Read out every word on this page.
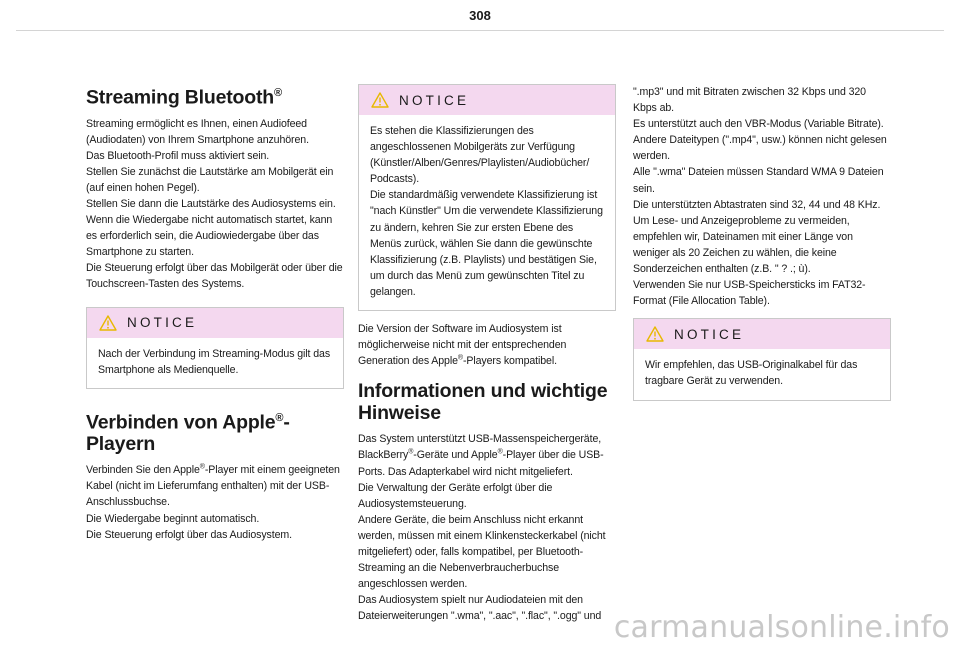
308
Streaming Bluetooth®
Streaming ermöglicht es Ihnen, einen Audiofeed (Audiodaten) von Ihrem Smartphone anzuhören.
Das Bluetooth-Profil muss aktiviert sein.
Stellen Sie zunächst die Lautstärke am Mobilgerät ein (auf einen hohen Pegel).
Stellen Sie dann die Lautstärke des Audiosystems ein.
Wenn die Wiedergabe nicht automatisch startet, kann es erforderlich sein, die Audiowiedergabe über das Smartphone zu starten.
Die Steuerung erfolgt über das Mobilgerät oder über die Touchscreen-Tasten des Systems.
NOTICE
Nach der Verbindung im Streaming-Modus gilt das Smartphone als Medienquelle.
Verbinden von Apple®-Playern
Verbinden Sie den Apple®-Player mit einem geeigneten Kabel (nicht im Lieferumfang enthalten) mit der USB-Anschlussbuchse.
Die Wiedergabe beginnt automatisch.
Die Steuerung erfolgt über das Audiosystem.
NOTICE
Es stehen die Klassifizierungen des angeschlossenen Mobilgeräts zur Verfügung (Künstler/Alben/Genres/Playlisten/Audiobücher/ Podcasts).
Die standardmäßig verwendete Klassifizierung ist "nach Künstler" Um die verwendete Klassifizierung zu ändern, kehren Sie zur ersten Ebene des Menüs zurück, wählen Sie dann die gewünschte Klassifizierung (z.B. Playlists) und bestätigen Sie, um durch das Menü zum gewünschten Titel zu gelangen.
Die Version der Software im Audiosystem ist möglicherweise nicht mit der entsprechenden Generation des Apple®-Players kompatibel.
Informationen und wichtige Hinweise
Das System unterstützt USB-Massenspeichergeräte, BlackBerry®-Geräte und Apple®-Player über die USB-Ports. Das Adapterkabel wird nicht mitgeliefert.
Die Verwaltung der Geräte erfolgt über die Audiosystemsteuerung.
Andere Geräte, die beim Anschluss nicht erkannt werden, müssen mit einem Klinkensteckerkabel (nicht mitgeliefert) oder, falls kompatibel, per Bluetooth-Streaming an die Nebenverbraucherbuchse angeschlossen werden.
Das Audiosystem spielt nur Audiodateien mit den Dateierweiterungen ".wma", ".aac", ".flac", ".ogg" und
".mp3" und mit Bitraten zwischen 32 Kbps und 320 Kbps ab.
Es unterstützt auch den VBR-Modus (Variable Bitrate).
Andere Dateitypen (".mp4", usw.) können nicht gelesen werden.
Alle ".wma" Dateien müssen Standard WMA 9 Dateien sein.
Die unterstützten Abtastraten sind 32, 44 und 48 KHz.
Um Lese- und Anzeigeprobleme zu vermeiden, empfehlen wir, Dateinamen mit einer Länge von weniger als 20 Zeichen zu wählen, die keine Sonderzeichen enthalten (z.B. " ? .; ù).
Verwenden Sie nur USB-Speichersticks im FAT32-Format (File Allocation Table).
NOTICE
Wir empfehlen, das USB-Originalkabel für das tragbare Gerät zu verwenden.
carmanualsonline.info
